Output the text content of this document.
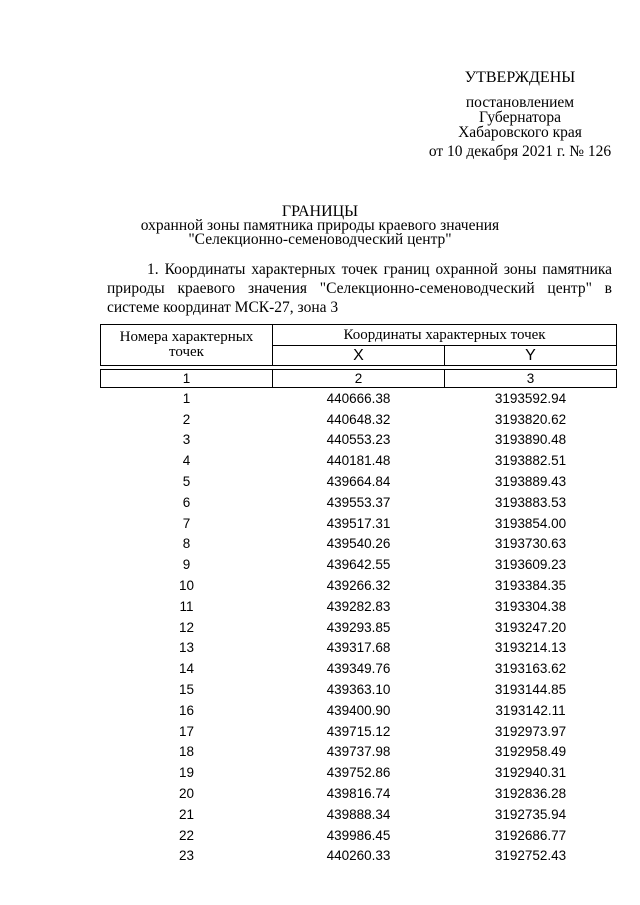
УТВЕРЖДЕНЫ
постановлением
Губернатора
Хабаровского края
от 10 декабря 2021 г. № 126
ГРАНИЦЫ
охранной зоны памятника природы краевого значения
"Селекционно-семеноводческий центр"
1. Координаты характерных точек границ охранной зоны памятника природы краевого значения "Селекционно-семеноводческий центр" в системе координат МСК-27, зона 3
Номера характерных точек	Координаты характерных точек	
	X	Y

1	2	3
1	440666.38	3193592.94
2	440648.32	3193820.62
3	440553.23	3193890.48
4	440181.48	3193882.51
5	439664.84	3193889.43
6	439553.37	3193883.53
7	439517.31	3193854.00
8	439540.26	3193730.63
9	439642.55	3193609.23
10	439266.32	3193384.35
11	439282.83	3193304.38
12	439293.85	3193247.20
13	439317.68	3193214.13
14	439349.76	3193163.62
15	439363.10	3193144.85
16	439400.90	3193142.11
17	439715.12	3192973.97
18	439737.98	3192958.49
19	439752.86	3192940.31
20	439816.74	3192836.28
21	439888.34	3192735.94
22	439986.45	3192686.77
23	440260.33	3192752.43
